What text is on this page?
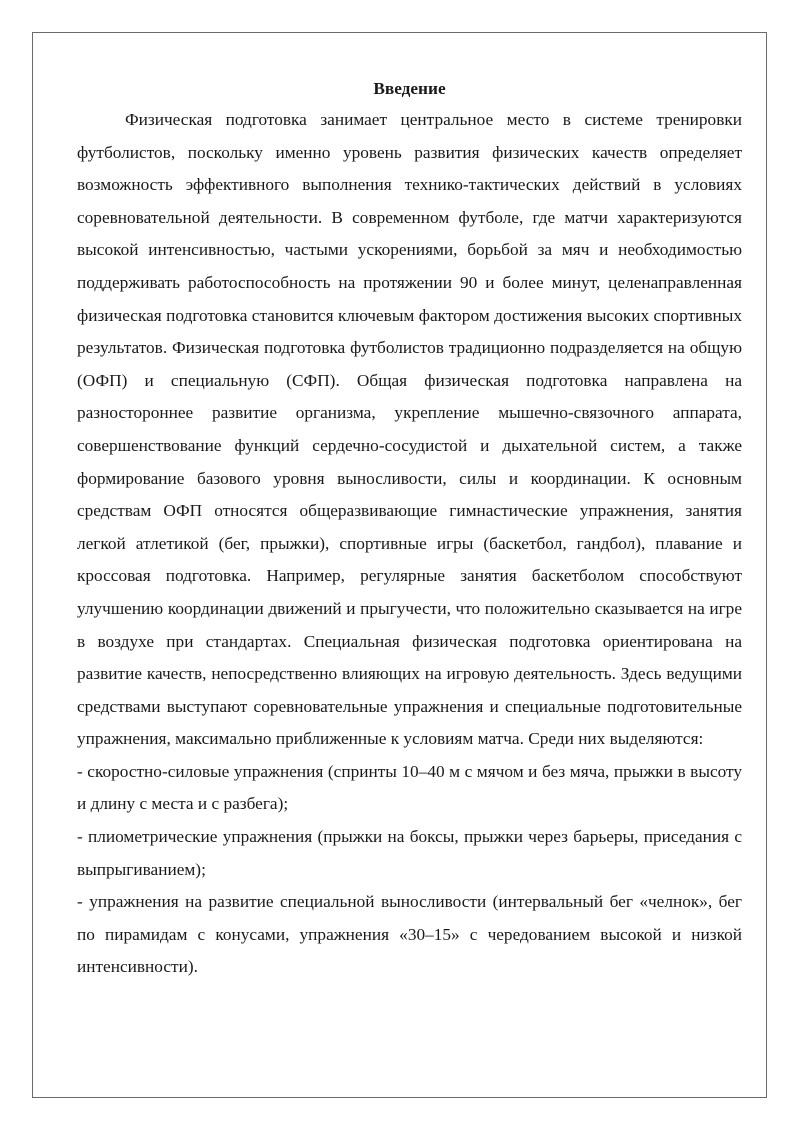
Введение

Физическая подготовка занимает центральное место в системе тренировки футболистов, поскольку именно уровень развития физических качеств определяет возможность эффективного выполнения технико-тактических действий в условиях соревновательной деятельности. В современном футболе, где матчи характеризуются высокой интенсивностью, частыми ускорениями, борьбой за мяч и необходимостью поддерживать работоспособность на протяжении 90 и более минут, целенаправленная физическая подготовка становится ключевым фактором достижения высоких спортивных результатов. Физическая подготовка футболистов традиционно подразделяется на общую (ОФП) и специальную (СФП). Общая физическая подготовка направлена на разностороннее развитие организма, укрепление мышечно-связочного аппарата, совершенствование функций сердечно-сосудистой и дыхательной систем, а также формирование базового уровня выносливости, силы и координации. К основным средствам ОФП относятся общеразвивающие гимнастические упражнения, занятия легкой атлетикой (бег, прыжки), спортивные игры (баскетбол, гандбол), плавание и кроссовая подготовка. Например, регулярные занятия баскетболом способствуют улучшению координации движений и прыгучести, что положительно сказывается на игре в воздухе при стандартах. Специальная физическая подготовка ориентирована на развитие качеств, непосредственно влияющих на игровую деятельность. Здесь ведущими средствами выступают соревновательные упражнения и специальные подготовительные упражнения, максимально приближенные к условиям матча. Среди них выделяются:

- скоростно-силовые упражнения (спринты 10–40 м с мячом и без мяча, прыжки в высоту и длину с места и с разбега);

- плиометрические упражнения (прыжки на боксы, прыжки через барьеры, приседания с выпрыгиванием);

- упражнения на развитие специальной выносливости (интервальный бег «челнок», бег по пирамидам с конусами, упражнения «30–15» с чередованием высокой и низкой интенсивности).
